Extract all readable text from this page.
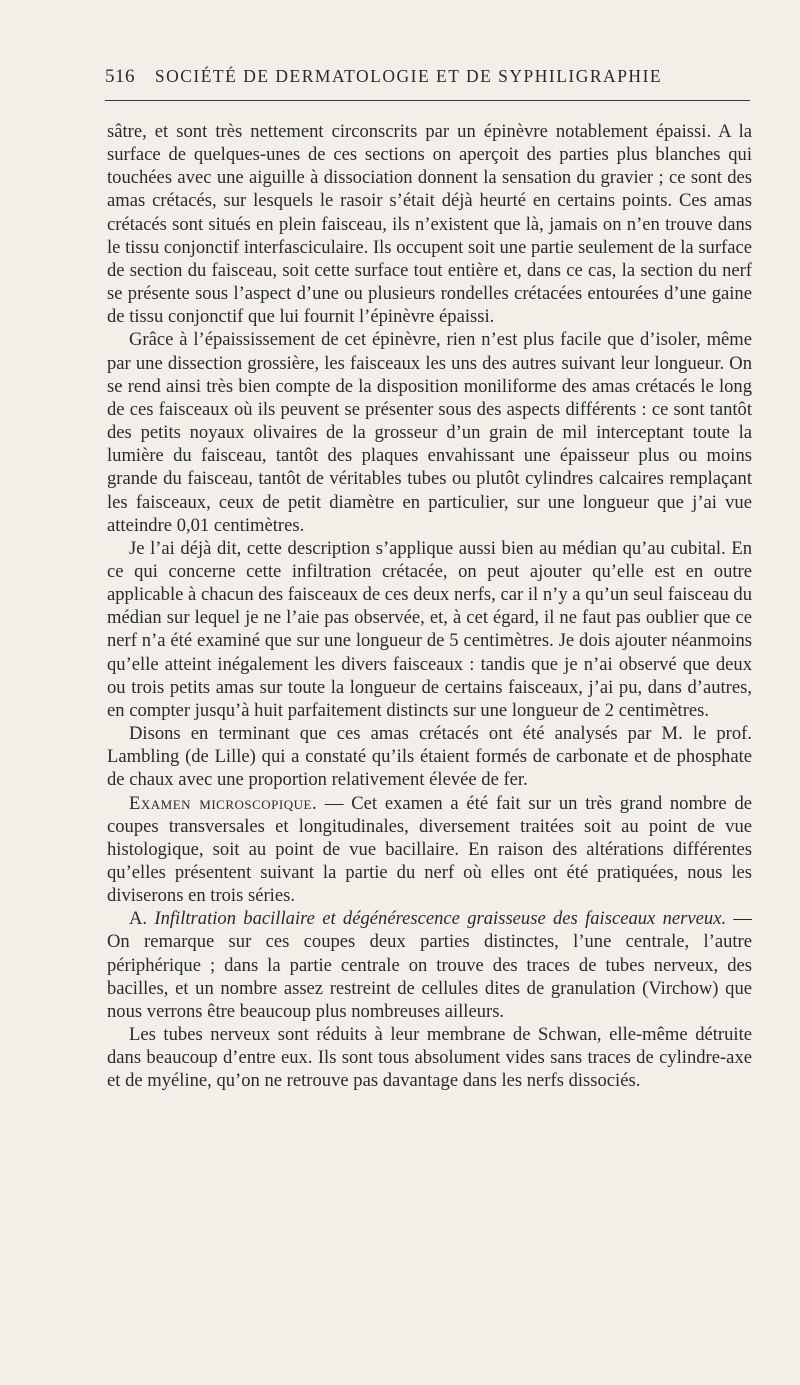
516 SOCIÉTÉ DE DERMATOLOGIE ET DE SYPHILIGRAPHIE

sâtre, et sont très nettement circonscrits par un épinèvre notablement épaissi. A la surface de quelques-unes de ces sections on aperçoit des parties plus blanches qui touchées avec une aiguille à dissociation donnent la sensation du gravier ; ce sont des amas crétacés, sur lesquels le rasoir s’était déjà heurté en certains points. Ces amas crétacés sont situés en plein faisceau, ils n’existent que là, jamais on n’en trouve dans le tissu conjonctif interfasciculaire. Ils occupent soit une partie seulement de la surface de section du faisceau, soit cette surface tout entière et, dans ce cas, la section du nerf se présente sous l’aspect d’une ou plusieurs rondelles crétacées entourées d’une gaine de tissu conjonctif que lui fournit l’épinèvre épaissi.

Grâce à l’épaississement de cet épinèvre, rien n’est plus facile que d’isoler, même par une dissection grossière, les faisceaux les uns des autres suivant leur longueur. On se rend ainsi très bien compte de la disposition moniliforme des amas crétacés le long de ces faisceaux où ils peuvent se présenter sous des aspects différents : ce sont tantôt des petits noyaux olivaires de la grosseur d’un grain de mil interceptant toute la lumière du faisceau, tantôt des plaques envahissant une épaisseur plus ou moins grande du faisceau, tantôt de véritables tubes ou plutôt cylindres calcaires remplaçant les faisceaux, ceux de petit diamètre en particulier, sur une longueur que j’ai vue atteindre 0,01 centimètres.

Je l’ai déjà dit, cette description s’applique aussi bien au médian qu’au cubital. En ce qui concerne cette infiltration crétacée, on peut ajouter qu’elle est en outre applicable à chacun des faisceaux de ces deux nerfs, car il n’y a qu’un seul faisceau du médian sur lequel je ne l’aie pas observée, et, à cet égard, il ne faut pas oublier que ce nerf n’a été examiné que sur une longueur de 5 centimètres. Je dois ajouter néanmoins qu’elle atteint inégalement les divers faisceaux : tandis que je n’ai observé que deux ou trois petits amas sur toute la longueur de certains faisceaux, j’ai pu, dans d’autres, en compter jusqu’à huit parfaitement distincts sur une longueur de 2 centimètres.

Disons en terminant que ces amas crétacés ont été analysés par M. le prof. Lambling (de Lille) qui a constaté qu’ils étaient formés de carbonate et de phosphate de chaux avec une proportion relativement élevée de fer.

Examen microscopique. — Cet examen a été fait sur un très grand nombre de coupes transversales et longitudinales, diversement traitées soit au point de vue histologique, soit au point de vue bacillaire. En raison des altérations différentes qu’elles présentent suivant la partie du nerf où elles ont été pratiquées, nous les diviserons en trois séries.

A. Infiltration bacillaire et dégénérescence graisseuse des faisceaux nerveux. — On remarque sur ces coupes deux parties distinctes, l’une centrale, l’autre périphérique ; dans la partie centrale on trouve des traces de tubes nerveux, des bacilles, et un nombre assez restreint de cellules dites de granulation (Virchow) que nous verrons être beaucoup plus nombreuses ailleurs.

Les tubes nerveux sont réduits à leur membrane de Schwan, elle-même détruite dans beaucoup d’entre eux. Ils sont tous absolument vides sans traces de cylindre-axe et de myéline, qu’on ne retrouve pas davantage dans les nerfs dissociés.
